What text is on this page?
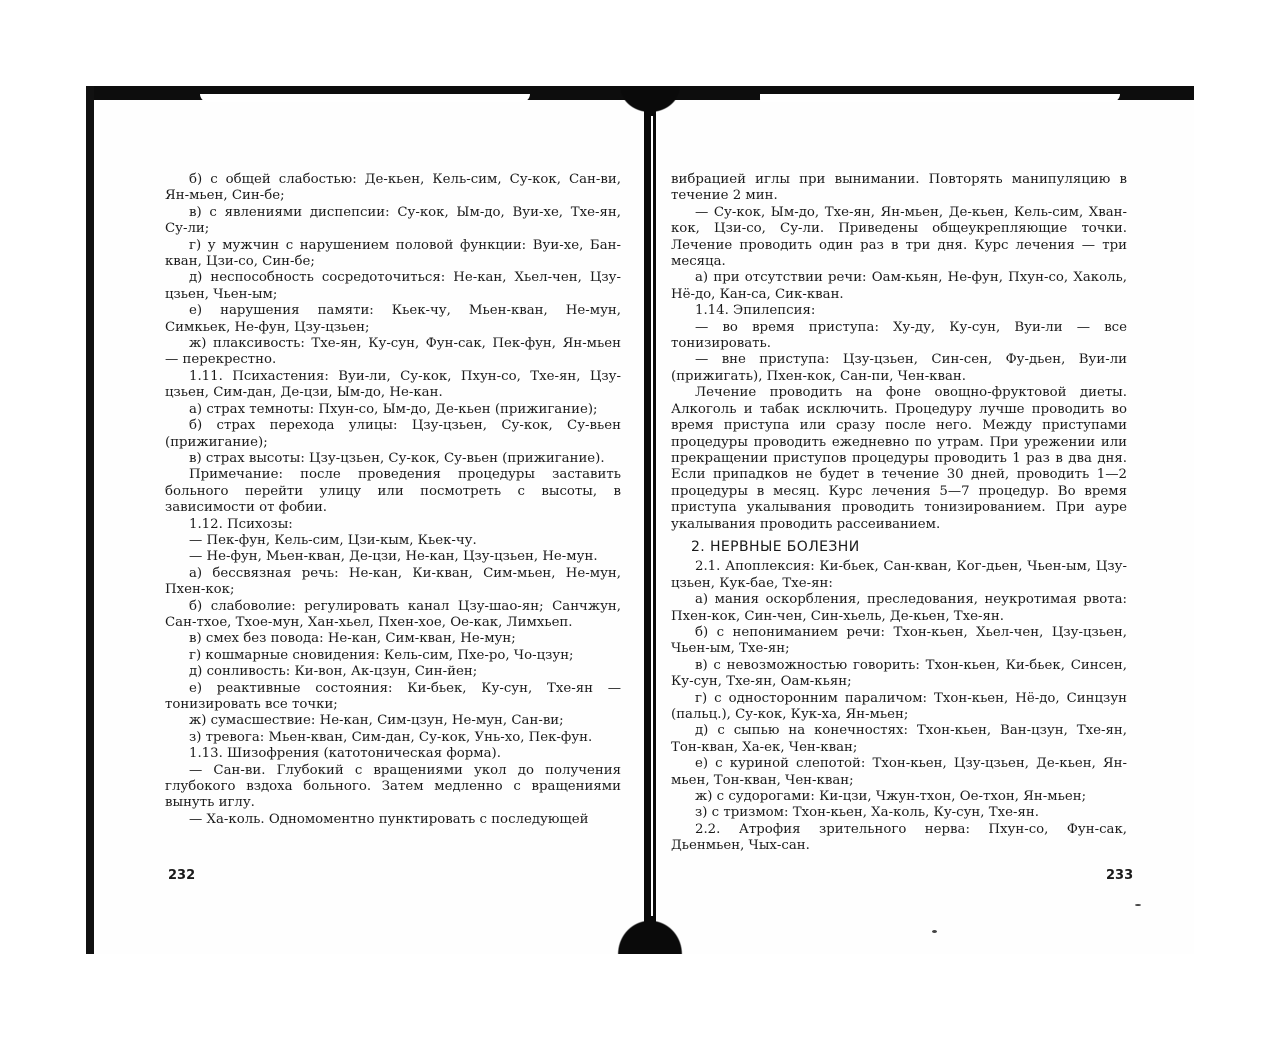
б) с общей слабостью: Де-кьен, Кель-сим, Су-кок, Сан-ви, Ян-мьен, Син-бе;

в) с явлениями диспепсии: Су-кок, Ым-до, Вуи-хе, Тхе-ян, Су-ли;

г) у мужчин с нарушением половой функции: Вуи-хе, Бан-кван, Цзи-со, Син-бе;

д) неспособность сосредоточиться: Не-кан, Хьел-чен, Цзу-цзьен, Чьен-ым;

е) нарушения памяти: Кьек-чу, Мьен-кван, Не-мун, Симкьек, Не-фун, Цзу-цзьен;

ж) плаксивость: Тхе-ян, Ку-сун, Фун-сак, Пек-фун, Ян-мьен — перекрестно.

1.11. Психастения: Вуи-ли, Су-кок, Пхун-со, Тхе-ян, Цзу-цзьен, Сим-дан, Де-цзи, Ым-до, Не-кан.

а) страх темноты: Пхун-со, Ым-до, Де-кьен (прижигание);

б) страх перехода улицы: Цзу-цзьен, Су-кок, Су-вьен (прижигание);

в) страх высоты: Цзу-цзьен, Су-кок, Су-вьен (прижигание).

Примечание: после проведения процедуры заставить больного перейти улицу или посмотреть с высоты, в зависимости от фобии.

1.12. Психозы:

— Пек-фун, Кель-сим, Цзи-кым, Кьек-чу.

— Не-фун, Мьен-кван, Де-цзи, Не-кан, Цзу-цзьен, Не-мун.

а) бессвязная речь: Не-кан, Ки-кван, Сим-мьен, Не-мун, Пхен-кок;

б) слабоволие: регулировать канал Цзу-шао-ян; Санчжун, Сан-тхое, Тхое-мун, Хан-хьел, Пхен-хое, Ое-как, Лимхьеп.

в) смех без повода: Не-кан, Сим-кван, Не-мун;

г) кошмарные сновидения: Кель-сим, Пхе-ро, Чо-цзун;

д) сонливость: Ки-вон, Ак-цзун, Син-йен;

е) реактивные состояния: Ки-бьек, Ку-сун, Тхе-ян — тонизировать все точки;

ж) сумасшествие: Не-кан, Сим-цзун, Не-мун, Сан-ви;

з) тревога: Мьен-кван, Сим-дан, Су-кок, Унь-хо, Пек-фун.

1.13. Шизофрения (катотоническая форма).

— Сан-ви. Глубокий с вращениями укол до получения глубокого вздоха больного. Затем медленно с вращениями вынуть иглу.

— Ха-коль. Одномоментно пунктировать с последующей

232

вибрацией иглы при вынимании. Повторять манипуляцию в течение 2 мин.

— Су-кок, Ым-до, Тхе-ян, Ян-мьен, Де-кьен, Кель-сим, Хван-кок, Цзи-со, Су-ли. Приведены общеукрепляющие точки. Лечение проводить один раз в три дня. Курс лечения — три месяца.

а) при отсутствии речи: Оам-кьян, Не-фун, Пхун-со, Хаколь, Нё-до, Кан-са, Сик-кван.

1.14. Эпилепсия:

— во время приступа: Ху-ду, Ку-сун, Вуи-ли — все тонизировать.

— вне приступа: Цзу-цзьен, Син-сен, Фу-дьен, Вуи-ли (прижигать), Пхен-кок, Сан-пи, Чен-кван.

Лечение проводить на фоне овощно-фруктовой диеты. Алкоголь и табак исключить. Процедуру лучше проводить во время приступа или сразу после него. Между приступами процедуры проводить ежедневно по утрам. При урежении или прекращении приступов процедуры проводить 1 раз в два дня. Если припадков не будет в течение 30 дней, проводить 1—2 процедуры в месяц. Курс лечения 5—7 процедур. Во время приступа укалывания проводить тонизированием. При ауре укалывания проводить рассеиванием.

2. НЕРВНЫЕ БОЛЕЗНИ

2.1. Апоплексия: Ки-бьек, Сан-кван, Ког-дьен, Чьен-ым, Цзу-цзьен, Кук-бае, Тхе-ян:

а) мания оскорбления, преследования, неукротимая рвота: Пхен-кок, Син-чен, Син-хьель, Де-кьен, Тхе-ян.

б) с непониманием речи: Тхон-кьен, Хьел-чен, Цзу-цзьен, Чьен-ым, Тхе-ян;

в) с невозможностью говорить: Тхон-кьен, Ки-бьек, Синсен, Ку-сун, Тхе-ян, Оам-кьян;

г) с односторонним параличом: Тхон-кьен, Нё-до, Синцзун (пальц.), Су-кок, Кук-ха, Ян-мьен;

д) с сыпью на конечностях: Тхон-кьен, Ван-цзун, Тхе-ян, Тон-кван, Ха-ек, Чен-кван;

е) с куриной слепотой: Тхон-кьен, Цзу-цзьен, Де-кьен, Ян-мьен, Тон-кван, Чен-кван;

ж) с судорогами: Ки-цзи, Чжун-тхон, Ое-тхон, Ян-мьен;

з) с тризмом: Тхон-кьен, Ха-коль, Ку-сун, Тхе-ян.

2.2. Атрофия зрительного нерва: Пхун-со, Фун-сак, Дьенмьен, Чых-сан.

233
